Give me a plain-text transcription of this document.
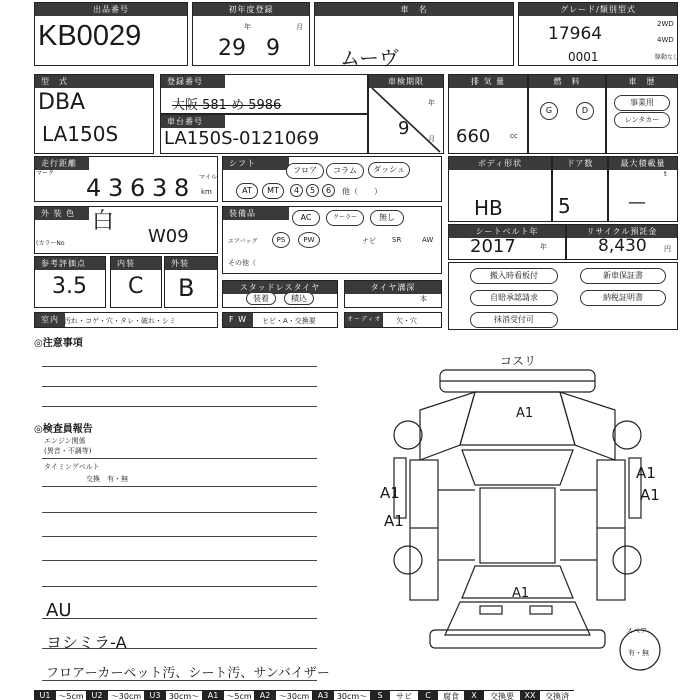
出品番号
KB0029
初年度登録
29
年
9
月
車　名
ムーヴ
グレード/類別型式
17964
0001
2WD
4WD
駆動なし
型　式
DBA
LA150S
登録番号
大阪 581 め 5986
車台番号
LA150S-0121069
車検期限
年
月
9
排 気 量
660	cc
燃　料
G	D
車　歴
事業用
レンタカー
走行距離
マーク
4 3 6 3 8 マイル
km
シフト
フロア	コラム	ダッシュ
AT	MT	4	5	6	他（　　）
ボディ形状
HB
ドア数
5
最大積載量
t
—
外 装 色 白
(カラーNo	W09
装備品	AC	クーラー	無し
エアバッグ	PS	PW	ナビ SR	AW
その他（
シートベルト年
2017	年
リサイクル預託金
8,430 円
参考評価点
3.5
内装
C
外装
B	スタッドレスタイヤ
装着	積込
タイヤ溝深
本
搬入時看板付
自賠承認請求
抹消受付可
新車保証書
納税証明書
室内 汚れ・コゲ・穴・タレ・破れ・シミ	F W	ヒビ・A・交換要	オーディオ 欠・穴
◎注意事項
◎検査員報告
エンジン関係
(異音・不調等)
タイミングベルト
交換　有・無
AU
ヨシミラ-A
フロアーカーペット汚、シート汚、サンバイザー
コスリ
A1
A1
A1
A1
A1
A1
スペア
有・無
U1 ～5cm U2	～30cm	U3	30cm～	A1	～5cm	A2	～30cm	A3	30cm～	S	サビ	C	腐食	X	交換要	XX	交換済
